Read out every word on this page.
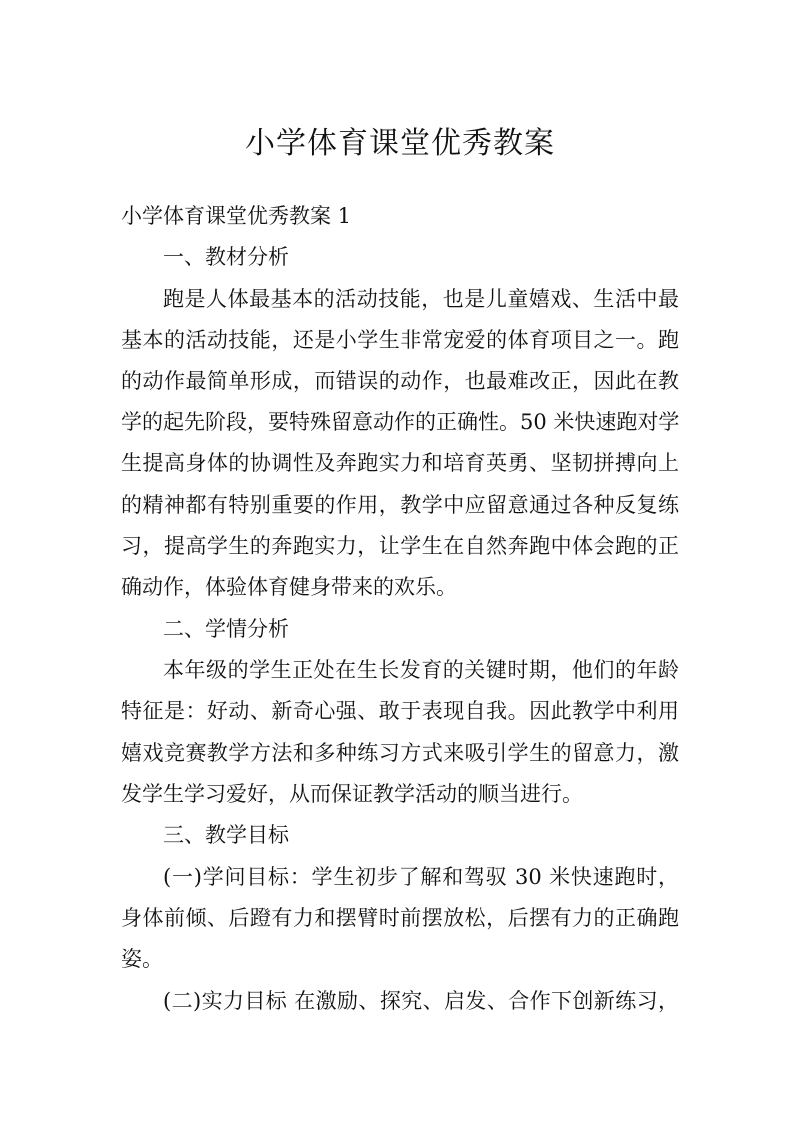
小学体育课堂优秀教案

小学体育课堂优秀教案 1

一、教材分析

跑是人体最基本的活动技能，也是儿童嬉戏、生活中最

基本的活动技能，还是小学生非常宠爱的体育项目之一。跑

的动作最简单形成，而错误的动作，也最难改正，因此在教

学的起先阶段，要特殊留意动作的正确性。50 米快速跑对学

生提高身体的协调性及奔跑实力和培育英勇、坚韧拼搏向上

的精神都有特别重要的作用，教学中应留意通过各种反复练

习，提高学生的奔跑实力，让学生在自然奔跑中体会跑的正

确动作，体验体育健身带来的欢乐。

二、学情分析

本年级的学生正处在生长发育的关键时期，他们的年龄

特征是：好动、新奇心强、敢于表现自我。因此教学中利用

嬉戏竞赛教学方法和多种练习方式来吸引学生的留意力，激

发学生学习爱好，从而保证教学活动的顺当进行。

三、教学目标

(一)学问目标：学生初步了解和驾驭 30 米快速跑时，

身体前倾、后蹬有力和摆臂时前摆放松，后摆有力的正确跑

姿。

(二)实力目标 在激励、探究、启发、合作下创新练习，
